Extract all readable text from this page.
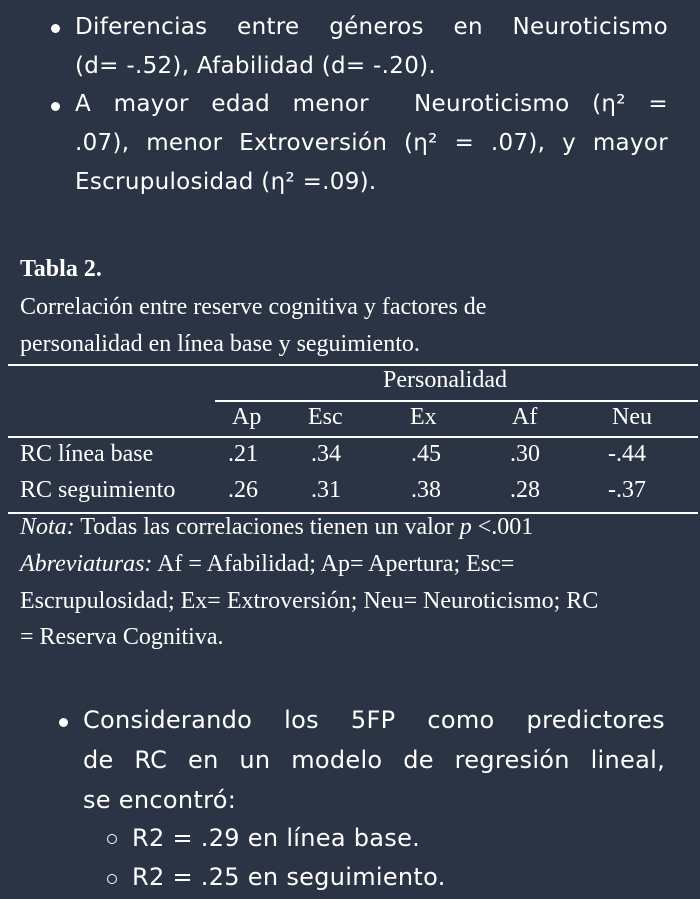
Diferencias entre géneros en Neuroticismo
(d= -.52), Afabilidad (d= -.20).
A mayor edad menor  Neuroticismo (η² =
.07), menor Extroversión (η² = .07), y mayor
Escrupulosidad (η² =.09).
Tabla 2.
Correlación entre reserve cognitiva y factores de
personalidad en línea base y seguimiento.
Personalidad
Ap Esc	Ex	Af	Neu
RC línea base	.21 .34	.45	.30	-.44
RC seguimiento .26 .31	.38	.28	-.37
Nota: Todas las correlaciones tienen un valor p <.001
Abreviaturas: Af = Afabilidad; Ap= Apertura; Esc=
Escrupulosidad; Ex= Extroversión; Neu= Neuroticismo; RC
= Reserva Cognitiva.
Considerando los 5FP como predictores
de RC en un modelo de regresión lineal,
se encontró:
R2 = .29 en línea base.
R2 = .25 en seguimiento.
